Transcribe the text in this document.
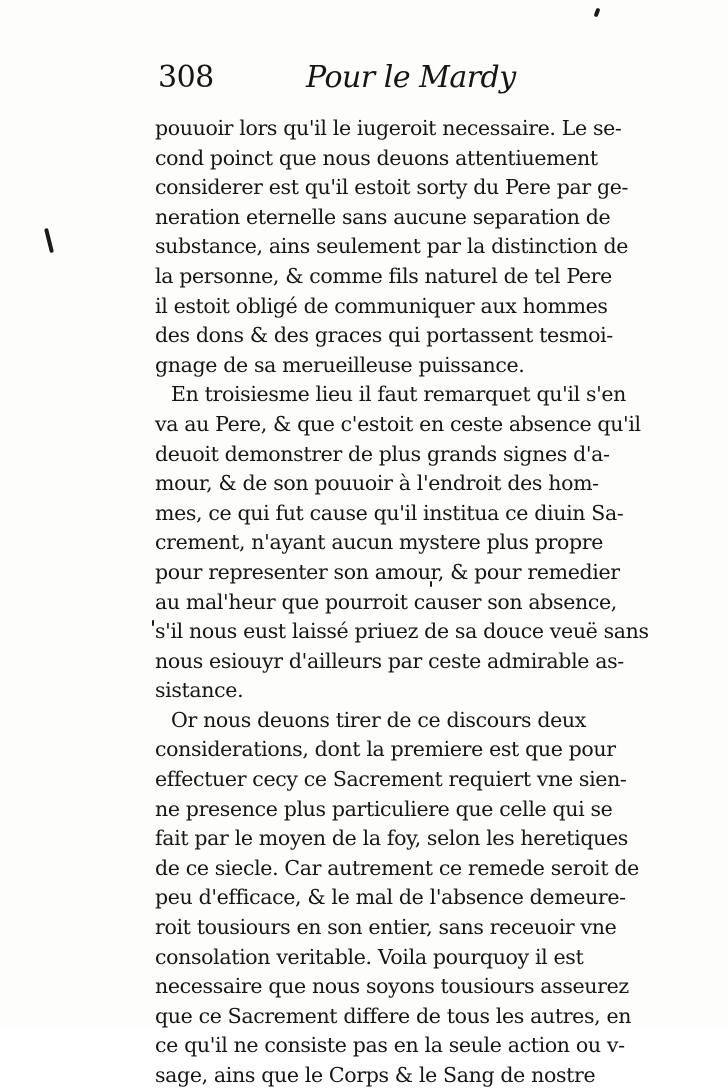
308	Pour le Mardy
pouuoir lors qu'il le iugeroit necessaire. Le se-
cond poinct que nous deuons attentiuement
considerer est qu'il estoit sorty du Pere par ge-
neration eternelle sans aucune separation de
substance, ains seulement par la distinction de
la personne, & comme fils naturel de tel Pere
il estoit obligé de communiquer aux hommes
des dons & des graces qui portassent tesmoi-
gnage de sa merueilleuse puissance.
En troisiesme lieu il faut remarquet qu'il s'en
va au Pere, & que c'estoit en ceste absence qu'il
deuoit demonstrer de plus grands signes d'a-
mour, & de son pouuoir à l'endroit des hom-
mes, ce qui fut cause qu'il institua ce diuin Sa-
crement, n'ayant aucun mystere plus propre
pour representer son amour, & pour remedier
au mal'heur que pourroit causer son absence,
s'il nous eust laissé priuez de sa douce veuë sans
nous esiouyr d'ailleurs par ceste admirable as-
sistance.
Or nous deuons tirer de ce discours deux
considerations, dont la premiere est que pour
effectuer cecy ce Sacrement requiert vne sien-
ne presence plus particuliere que celle qui se
fait par le moyen de la foy, selon les heretiques
de ce siecle. Car autrement ce remede seroit de
peu d'efficace, & le mal de l'absence demeure-
roit tousiours en son entier, sans receuoir vne
consolation veritable. Voila pourquoy il est
necessaire que nous soyons tousiours asseurez
que ce Sacrement differe de tous les autres, en
ce qu'il ne consiste pas en la seule action ou v-
sage, ains que le Corps & le Sang de nostre
